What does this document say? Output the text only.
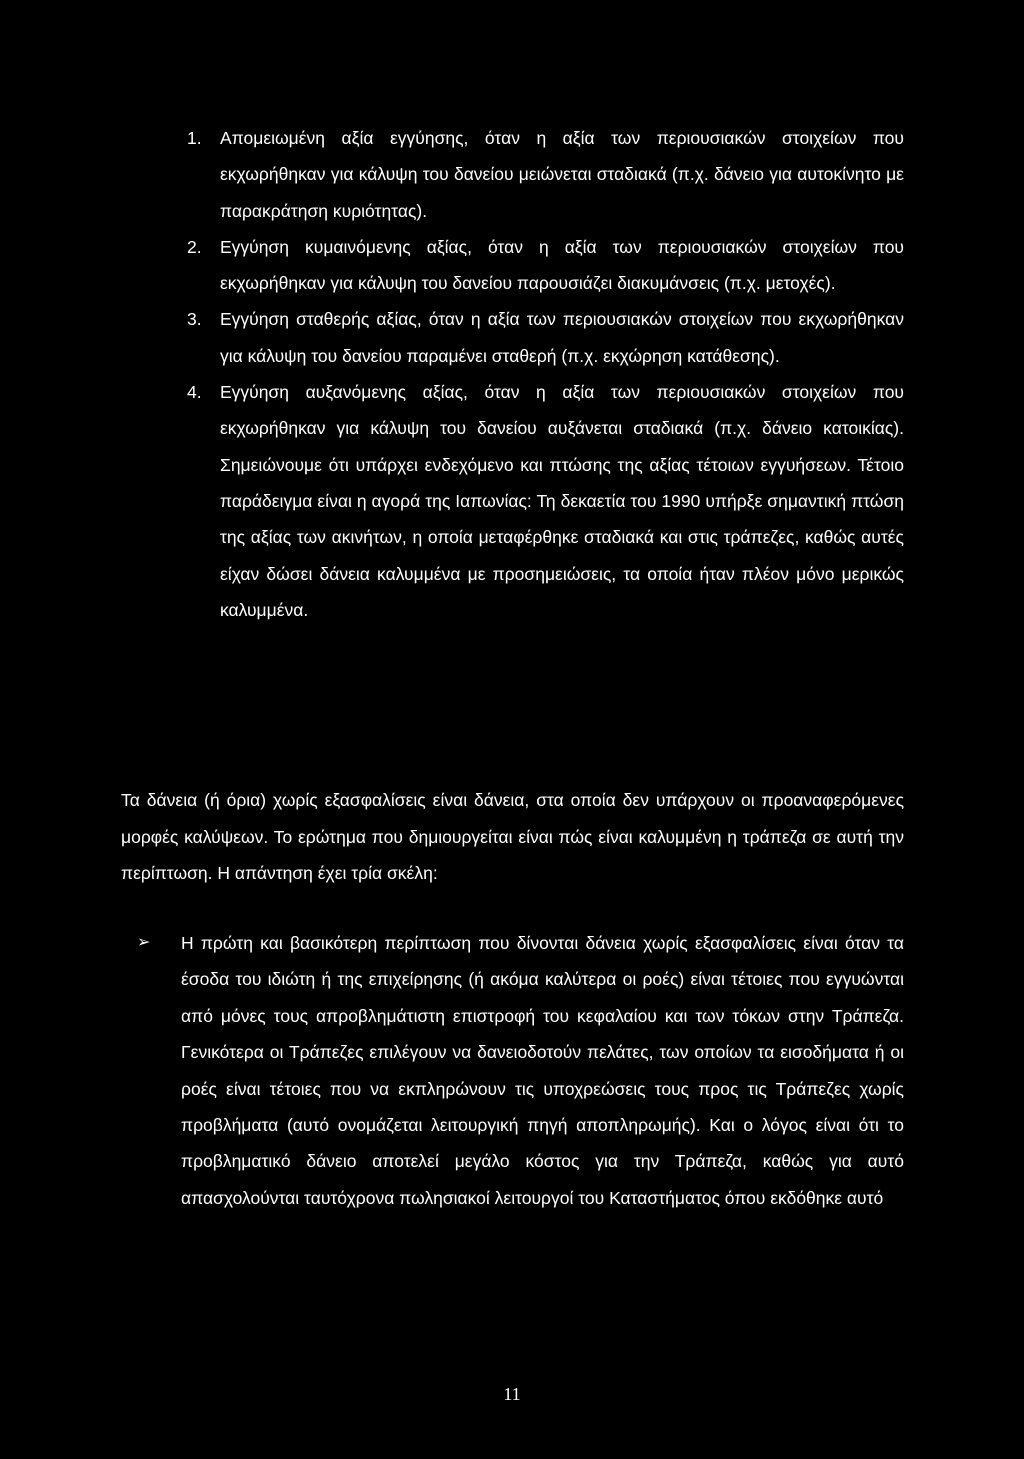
1. Απομειωμένη αξία εγγύησης, όταν η αξία των περιουσιακών στοιχείων που εκχωρήθηκαν για κάλυψη του δανείου μειώνεται σταδιακά (π.χ. δάνειο για αυτοκίνητο με παρακράτηση κυριότητας).
2. Εγγύηση κυμαινόμενης αξίας, όταν η αξία των περιουσιακών στοιχείων που εκχωρήθηκαν για κάλυψη του δανείου παρουσιάζει διακυμάνσεις (π.χ. μετοχές).
3. Εγγύηση σταθερής αξίας, όταν η αξία των περιουσιακών στοιχείων που εκχωρήθηκαν για κάλυψη του δανείου παραμένει σταθερή (π.χ. εκχώρηση κατάθεσης).
4. Εγγύηση αυξανόμενης αξίας, όταν η αξία των περιουσιακών στοιχείων που εκχωρήθηκαν για κάλυψη του δανείου αυξάνεται σταδιακά (π.χ. δάνειο κατοικίας). Σημειώνουμε ότι υπάρχει ενδεχόμενο και πτώσης της αξίας τέτοιων εγγυήσεων. Τέτοιο παράδειγμα είναι η αγορά της Ιαπωνίας: Τη δεκαετία του 1990 υπήρξε σημαντική πτώση της αξίας των ακινήτων, η οποία μεταφέρθηκε σταδιακά και στις τράπεζες, καθώς αυτές είχαν δώσει δάνεια καλυμμένα με προσημειώσεις, τα οποία ήταν πλέον μόνο μερικώς καλυμμένα.

Τα δάνεια (ή όρια) χωρίς εξασφαλίσεις είναι δάνεια, στα οποία δεν υπάρχουν οι προαναφερόμενες μορφές καλύψεων. Το ερώτημα που δημιουργείται είναι πώς είναι καλυμμένη η τράπεζα σε αυτή την περίπτωση. Η απάντηση έχει τρία σκέλη:

➢ Η πρώτη και βασικότερη περίπτωση που δίνονται δάνεια χωρίς εξασφαλίσεις είναι όταν τα έσοδα του ιδιώτη ή της επιχείρησης (ή ακόμα καλύτερα οι ροές) είναι τέτοιες που εγγυώνται από μόνες τους απροβλημάτιστη επιστροφή του κεφαλαίου και των τόκων στην Τράπεζα. Γενικότερα οι Τράπεζες επιλέγουν να δανειοδοτούν πελάτες, των οποίων τα εισοδήματα ή οι ροές είναι τέτοιες που να εκπληρώνουν τις υποχρεώσεις τους προς τις Τράπεζες χωρίς προβλήματα (αυτό ονομάζεται λειτουργική πηγή αποπληρωμής). Και ο λόγος είναι ότι το προβληματικό δάνειο αποτελεί μεγάλο κόστος για την Τράπεζα, καθώς για αυτό απασχολούνται ταυτόχρονα πωλησιακοί λειτουργοί του Καταστήματος όπου εκδόθηκε αυτό
11
